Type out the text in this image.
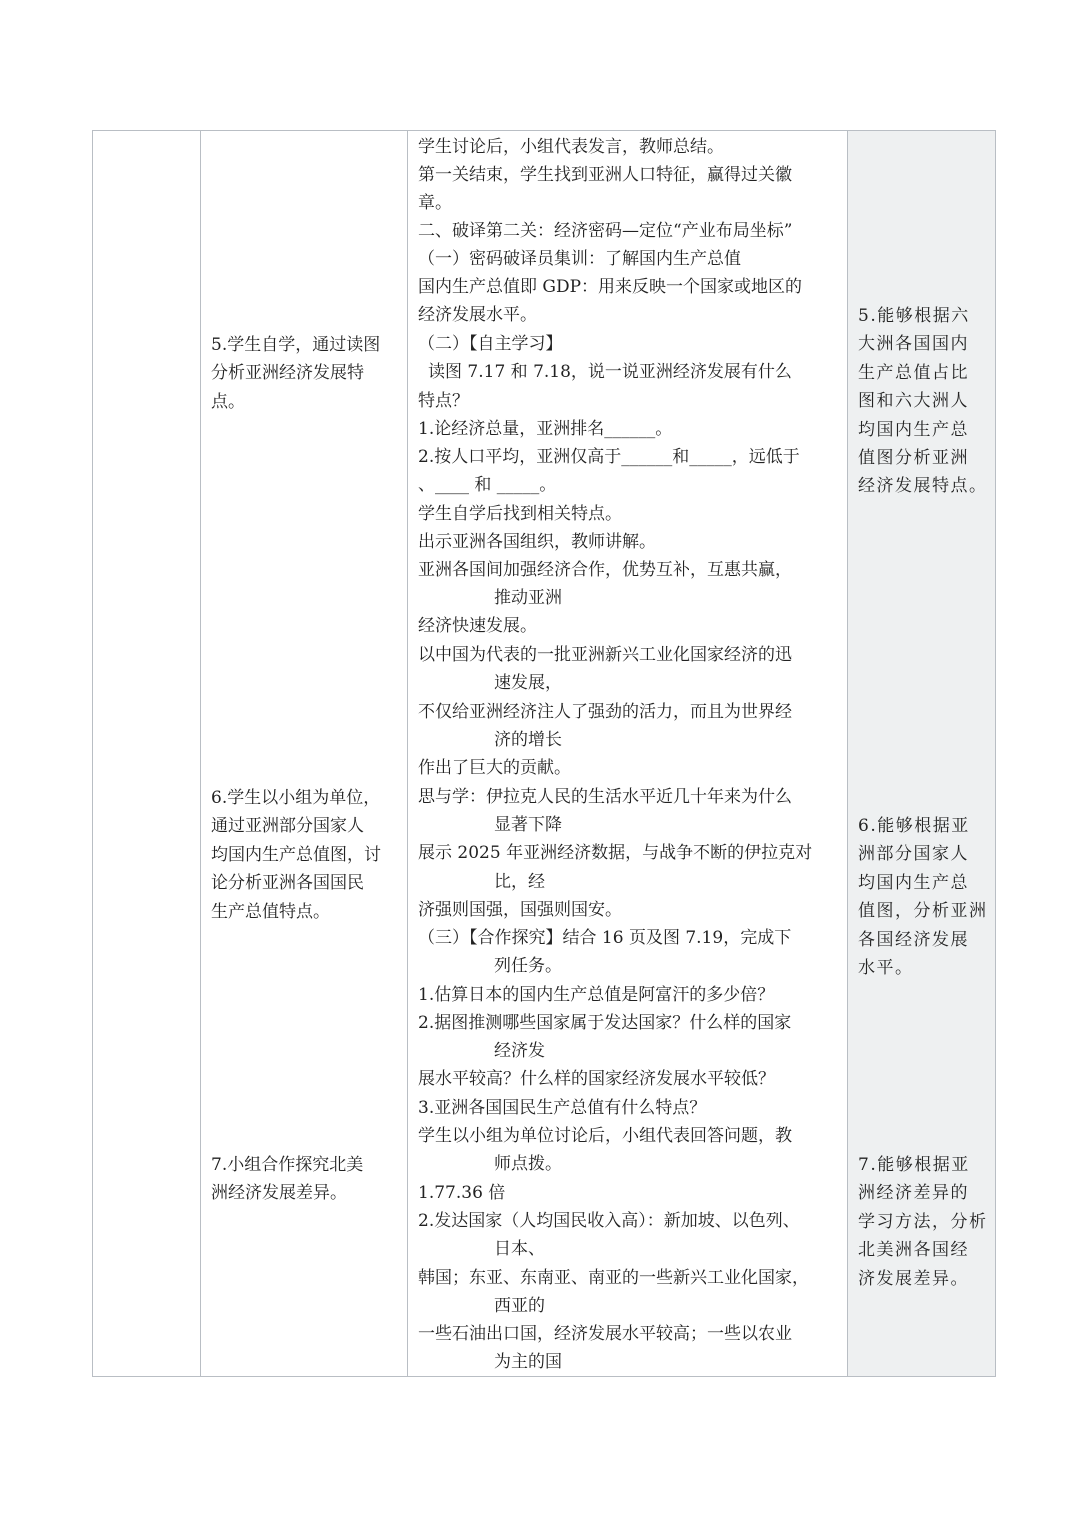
5.学生自学，通过读图
分析亚洲经济发展特
点。
6.学生以小组为单位，
通过亚洲部分国家人
均国内生产总值图，讨
论分析亚洲各国国民
生产总值特点。
7.小组合作探究北美
洲经济发展差异。
学生讨论后，小组代表发言，教师总结。
第一关结束，学生找到亚洲人口特征，赢得过关徽
章。
二、破译第二关：经济密码—定位“产业布局坐标”
（一）密码破译员集训：了解国内生产总值
国内生产总值即 GDP：用来反映一个国家或地区的
经济发展水平。
（二）【自主学习】
读图 7.17 和 7.18，说一说亚洲经济发展有什么
特点？
1.论经济总量，亚洲排名______。
2.按人口平均，亚洲仅高于______和_____，远低于
、____ 和 _____。
学生自学后找到相关特点。
出示亚洲各国组织，教师讲解。
亚洲各国间加强经济合作，优势互补，互惠共赢，
推动亚洲
经济快速发展。
以中国为代表的一批亚洲新兴工业化国家经济的迅
速发展，
不仅给亚洲经济注人了强劲的活力，而且为世界经
济的增长
作出了巨大的贡献。
思与学：伊拉克人民的生活水平近几十年来为什么
显著下降
展示 2025 年亚洲经济数据，与战争不断的伊拉克对
比，经
济强则国强，国强则国安。
（三）【合作探究】结合 16 页及图 7.19，完成下
列任务。
1.估算日本的国内生产总值是阿富汗的多少倍？
2.据图推测哪些国家属于发达国家？什么样的国家
经济发
展水平较高？什么样的国家经济发展水平较低？
3.亚洲各国国民生产总值有什么特点？
学生以小组为单位讨论后，小组代表回答问题，教
师点拨。
1.77.36 倍
2.发达国家（人均国民收入高）：新加坡、以色列、
日本、
韩国；东亚、东南亚、南亚的一些新兴工业化国家，
西亚的
一些石油出口国，经济发展水平较高；一些以农业
为主的国
5.能够根据六
大洲各国国内
生产总值占比
图和六大洲人
均国内生产总
值图分析亚洲
经济发展特点。
6.能够根据亚
洲部分国家人
均国内生产总
值图，分析亚洲
各国经济发展
水平。
7.能够根据亚
洲经济差异的
学习方法，分析
北美洲各国经
济发展差异。
